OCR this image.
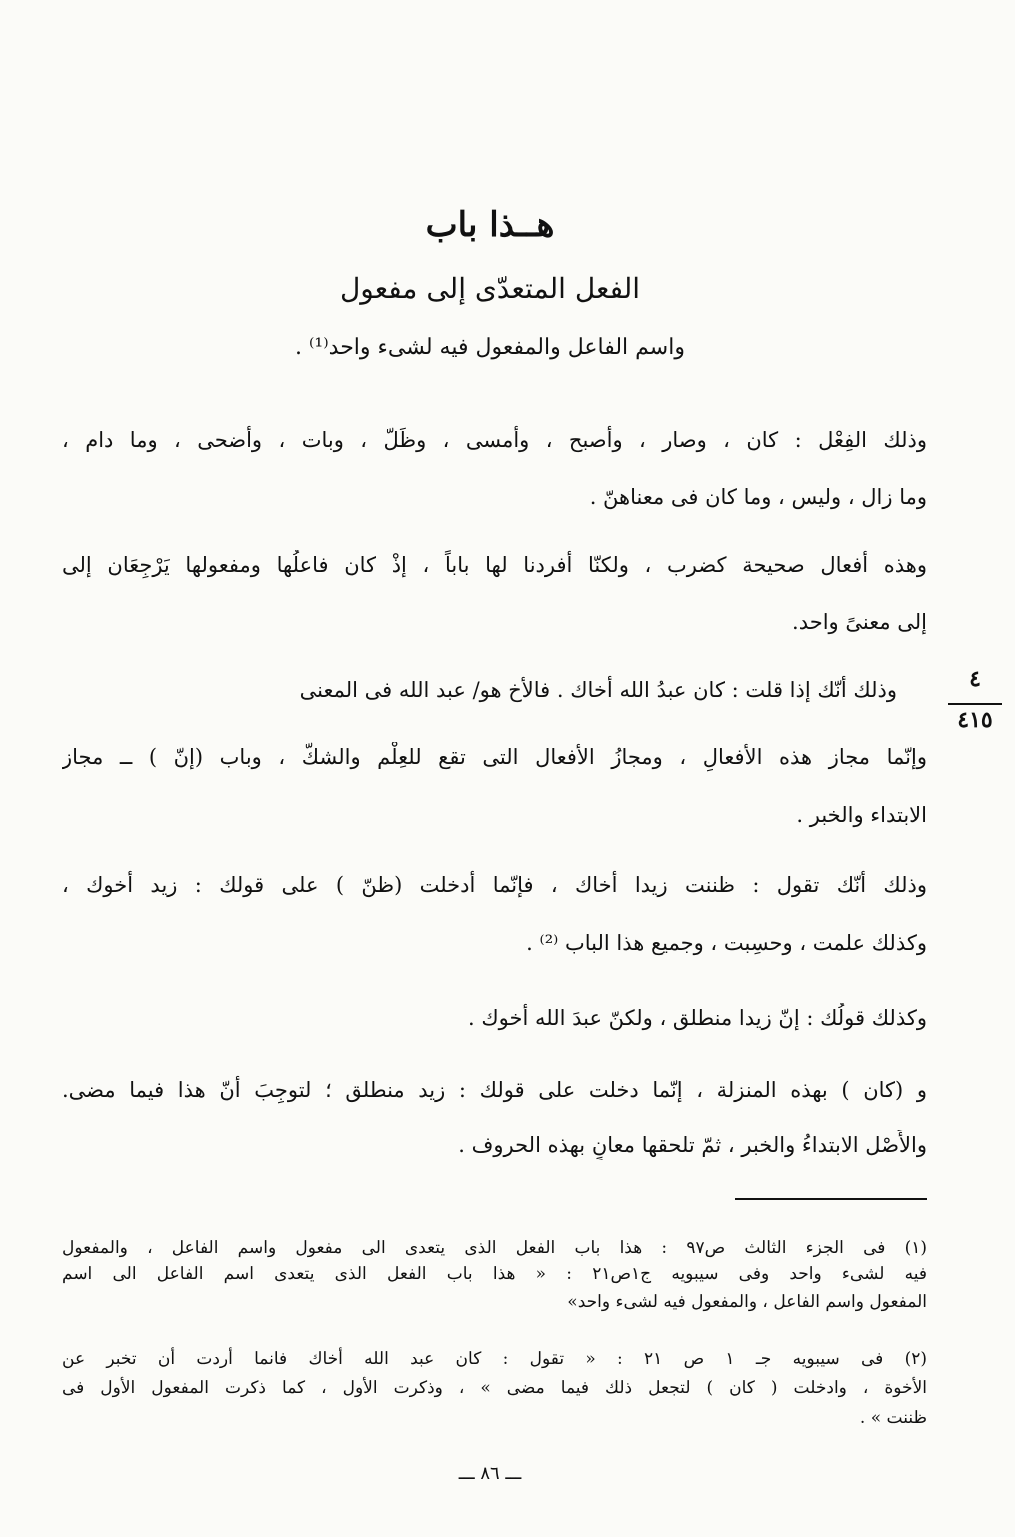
هــذا باب
الفعل المتعدّى إلى مفعول
واسم الفاعل والمفعول فيه لشىء واحد⁽¹⁾ .
وذلك الفِعْل : كان ، وصار ، وأصبح ، وأمسى ، وظَلّ ، وبات ، وأضحى ، وما دام ،
وما زال ، وليس ، وما كان فى معناهنّ .
وهذه أفعال صحيحة كضرب ، ولكنّا أفردنا لها باباً ، إذْ كان فاعلُها ومفعولها يَرْجِعَان إلى
إلى معنىً واحد.
وذلك أنّك إذا قلت : كان عبدُ الله أخاك . فالأخ هو/ عبد الله فى المعنى
وإنّما مجاز هذه الأفعالِ ، ومجازُ الأفعال التى تقع للعِلْم والشكّ ، وباب (إنّ ) ــ مجاز
الابتداء والخبر .
وذلك أنّك تقول : ظننت زيدا أخاك ، فإنّما أدخلت (ظنّ ) على قولك : زيد أخوك ،
وكذلك علمت ، وحسِبت ، وجميع هذا الباب ⁽²⁾ .
وكذلك قولُك : إنّ زيدا منطلق ، ولكنّ عبدَ الله أخوك .
و (كان ) بهذه المنزلة ، إنّما دخلت على قولك : زيد منطلق ؛ لتوجِبَ أنّ هذا فيما مضى.
والأَصْل الابتداءُ والخبر ، ثمّ تلحقها معانٍ بهذه الحروف .
٤
٤١٥
(١) فى الجزء الثالث ص٩٧ : هذا باب الفعل الذى يتعدى الى مفعول واسم الفاعل ، والمفعول
فيه لشىء واحد وفى سيبويه ج١ص٢١ : « هذا باب الفعل الذى يتعدى اسم الفاعل الى اسم
المفعول واسم الفاعل ، والمفعول فيه لشىء واحد»
(٢) فى سيبويه جـ ١ ص ٢١ : « تقول : كان عبد الله أخاك فانما أردت أن تخبر عن
الأخوة ، وادخلت ( كان ) لتجعل ذلك فيما مضى » ، وذكرت الأول ، كما ذكرت المفعول الأول فى
ظننت » .
ـــ ٨٦ ـــ
